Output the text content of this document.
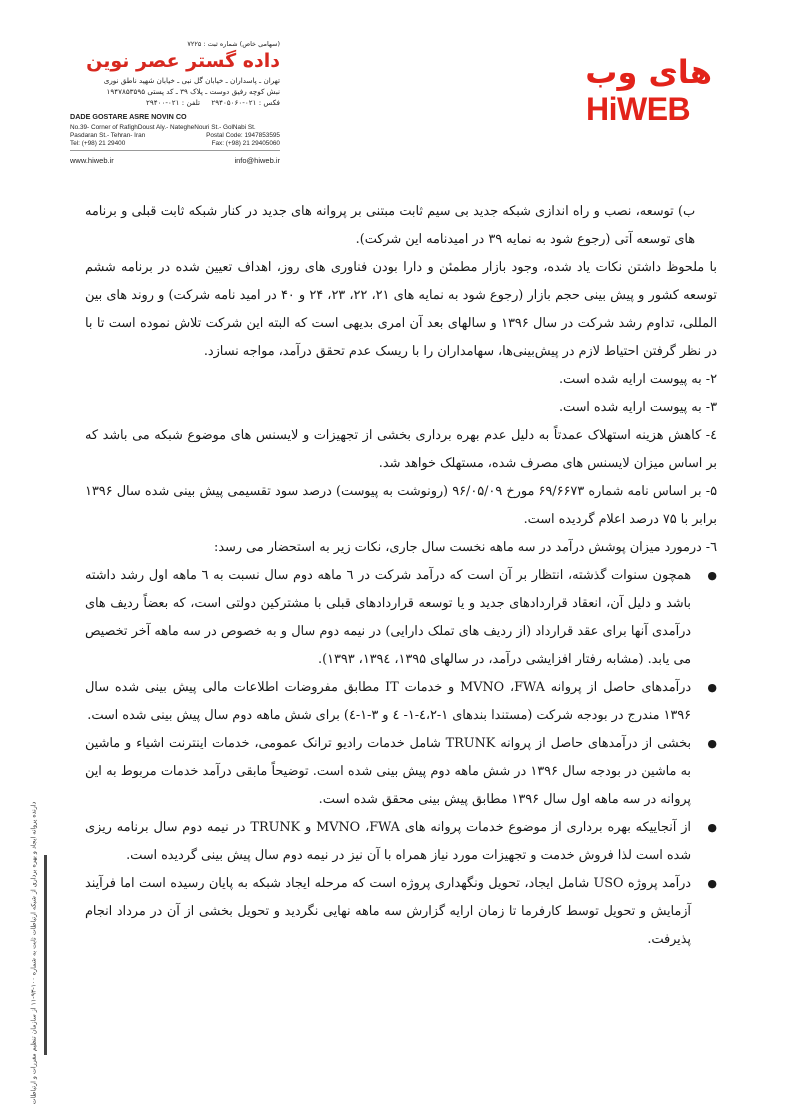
(سهامی خاص) شماره ثبت : ۷۲۲۵
داده گستر عصر نوین
تهران ـ پاسداران ـ خیابان گل نبی ـ خیابان شهید ناطق نوری
نبش کوچه رفیق دوست ـ پلاک ۳۹ ـ کد پستی ۱۹۴۷۸۵۳۵۹۵
تلفن : ۰۲۱-۲۹۴۰۰ فکس : ۰۲۱-۲۹۴۰۵۰۶۰
DADE GOSTARE ASRE NOVIN CO
No.39- Corner of RafighDoust Aly.- NategheNouri St.- GolNabi St.
Pasdaran St.- Tehran- Iran	Postal Code: 1947853595
Tel: (+98) 21 29400	Fax: (+98) 21 29405060
www.hiweb.ir	info@hiweb.ir
های وب
HiWEB

ب) توسعه، نصب و راه اندازی شبکه جدید بی سیم ثابت مبتنی بر پروانه های جدید در کنار شبکه ثابت قبلی و برنامه های توسعه آتی (رجوع شود به نمایه ۳۹ در امیدنامه این شرکت).

با ملحوظ داشتن نکات یاد شده، وجود بازار مطمئن و دارا بودن فناوری های روز، اهداف تعیین شده در برنامه ششم توسعه کشور و پیش بینی حجم بازار (رجوع شود به نمایه های ۲۱، ۲۲، ۲۳، ۲۴ و ۴۰ در امید نامه شرکت) و روند های بین المللی، تداوم رشد شرکت در سال ۱۳۹۶ و سالهای بعد آن امری بدیهی است که البته این شرکت تلاش نموده است تا با در نظر گرفتن احتیاط لازم در پیش‌بینی‌ها، سهامداران را با ریسک عدم تحقق درآمد، مواجه نسازد.

۲- به پیوست ارایه شده است.

۳- به پیوست ارایه شده است.

٤- کاهش هزینه استهلاک عمدتاً به دلیل عدم بهره برداری بخشی از تجهیزات و لایسنس های موضوع شبکه می باشد که بر اساس میزان لایسنس های مصرف شده، مستهلک خواهد شد.

۵- بر اساس نامه شماره ۶۹/۶۶۷۳ مورخ ۹۶/۰۵/۰۹ (رونوشت به پیوست) درصد سود تقسیمی پیش بینی شده سال ۱۳۹۶ برابر با ۷۵ درصد اعلام گردیده است.

٦- درمورد میزان پوشش درآمد در سه ماهه نخست سال جاری، نکات زیر به استحضار می رسد:

● همچون سنوات گذشته، انتظار بر آن است که درآمد شرکت در ٦ ماهه دوم سال نسبت به ٦ ماهه اول رشد داشته باشد و دلیل آن، انعقاد قراردادهای جدید و یا توسعه قراردادهای قبلی با مشترکین دولتی است، که بعضاً ردیف های درآمدی آنها برای عقد قرارداد (از ردیف های تملک دارایی) در نیمه دوم سال و به خصوص در سه ماهه آخر تخصیص می یابد. (مشابه رفتار افزایشی درآمد، در سالهای ۱۳۹۵، ۱۳۹٤، ۱۳۹۳).
● درآمدهای حاصل از پروانه MVNO ،FWA و خدمات IT مطابق مفروضات اطلاعات مالی پیش بینی شده سال ۱۳۹۶ مندرج در بودجه شرکت (مستندا بندهای ۱-٤،۲-۱- ٤ و ۳-۱-٤) برای شش ماهه دوم سال پیش بینی شده است.
● بخشی از درآمدهای حاصل از پروانه TRUNK شامل خدمات رادیو ترانک عمومی، خدمات اینترنت اشیاء و ماشین به ماشین در بودجه سال ۱۳۹۶ در شش ماهه دوم پیش بینی شده است. توضیحاً مابقی درآمد خدمات مربوط به این پروانه در سه ماهه اول سال ۱۳۹۶ مطابق پیش بینی محقق شده است.
● از آنجاییکه بهره برداری از موضوع خدمات پروانه های MVNO ،FWA و TRUNK در نیمه دوم سال برنامه ریزی شده است لذا فروش خدمت و تجهیزات مورد نیاز همراه با آن نیز در نیمه دوم سال پیش بینی گردیده است.
● درآمد پروژه USO شامل ایجاد، تحویل ونگهداری پروژه است که مرحله ایجاد شبکه به پایان رسیده است اما فرآیند آزمایش و تحویل توسط کارفرما تا زمان ارایه گزارش سه ماهه نهایی نگردید و تحویل بخشی از آن در مرداد انجام پذیرفت.
دارنده پروانه ایجاد و بهره برداری از شبکه ارتباطات ثابت به شماره ۱۰۰-۹۳-۱۱ از سازمان تنظیم مقررات و ارتباطات
